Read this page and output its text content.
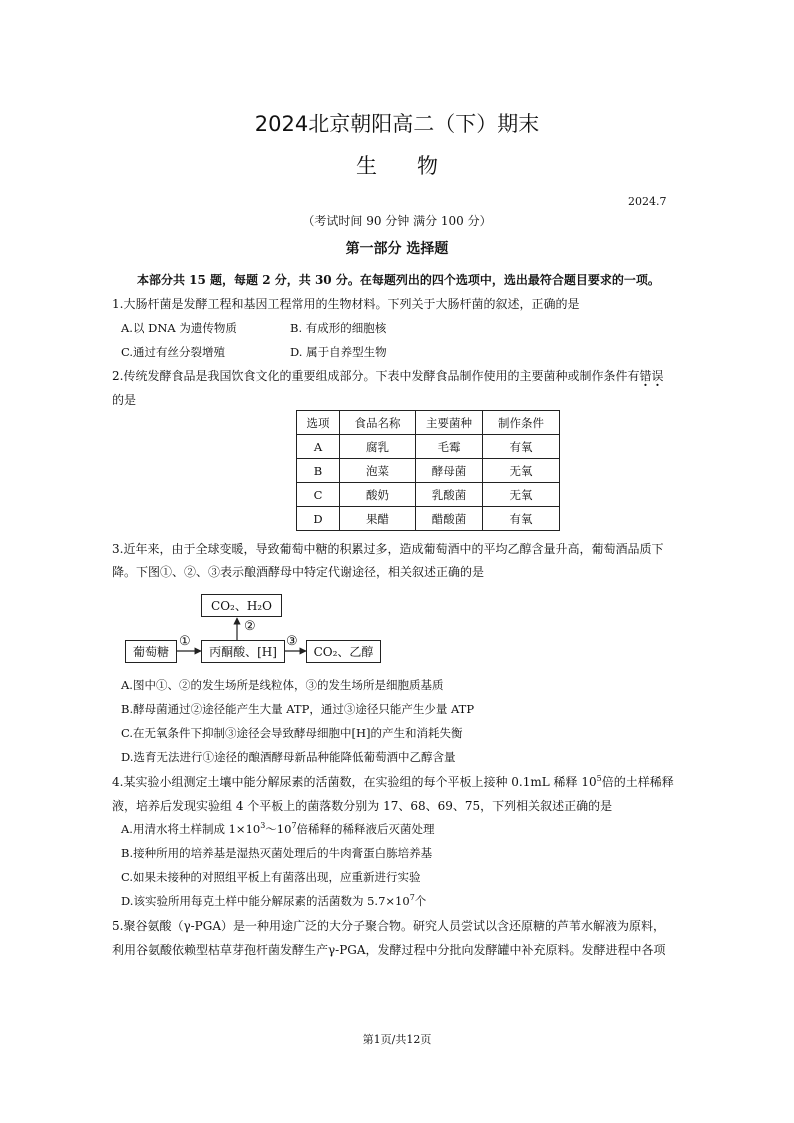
2024北京朝阳高二（下）期末
生物
2024.7
（考试时间 90 分钟 满分 100 分）
第一部分 选择题
本部分共 15 题，每题 2 分，共 30 分。在每题列出的四个选项中，选出最符合题目要求的一项。
1.大肠杆菌是发酵工程和基因工程常用的生物材料。下列关于大肠杆菌的叙述，正确的是
A.以 DNA 为遗传物质	B. 有成形的细胞核
C.通过有丝分裂增殖	D. 属于自养型生物
2.传统发酵食品是我国饮食文化的重要组成部分。下表中发酵食品制作使用的主要菌种或制作条件有错误
的是
选项	食品名称	主要菌种	制作条件
A	腐乳	毛霉	有氧
B	泡菜	酵母菌	无氧
C	酸奶	乳酸菌	无氧
D	果醋	醋酸菌	有氧
3.近年来，由于全球变暖，导致葡萄中糖的积累过多，造成葡萄酒中的平均乙醇含量升高，葡萄酒品质下
降。下图①、②、③表示酿酒酵母中特定代谢途径，相关叙述正确的是
CO₂、H₂O
葡萄糖	丙酮酸、[H]	CO₂、乙醇
①
②
③
A.图中①、②的发生场所是线粒体，③的发生场所是细胞质基质
B.酵母菌通过②途径能产生大量 ATP，通过③途径只能产生少量 ATP
C.在无氧条件下抑制③途径会导致酵母细胞中[H]的产生和消耗失衡
D.选育无法进行①途径的酿酒酵母新品种能降低葡萄酒中乙醇含量
4.某实验小组测定土壤中能分解尿素的活菌数，在实验组的每个平板上接种 0.1mL 稀释 $10^5$倍的土样稀释
液，培养后发现实验组 4 个平板上的菌落数分别为 17、68、69、75，下列相关叙述正确的是
A.用清水将土样制成 $1\times 10^3\sim 10^7$倍稀释的稀释液后灭菌处理
B.接种所用的培养基是湿热灭菌处理后的牛肉膏蛋白胨培养基
C.如果未接种的对照组平板上有菌落出现，应重新进行实验
D.该实验所用每克土样中能分解尿素的活菌数为 $5.7\times 10^7$个
5.聚谷氨酸（γ-PGA）是一种用途广泛的大分子聚合物。研究人员尝试以含还原糖的芦苇水解液为原料，
利用谷氨酸依赖型枯草芽孢杆菌发酵生产γ-PGA，发酵过程中分批向发酵罐中补充原料。发酵进程中各项
第1页/共12页
